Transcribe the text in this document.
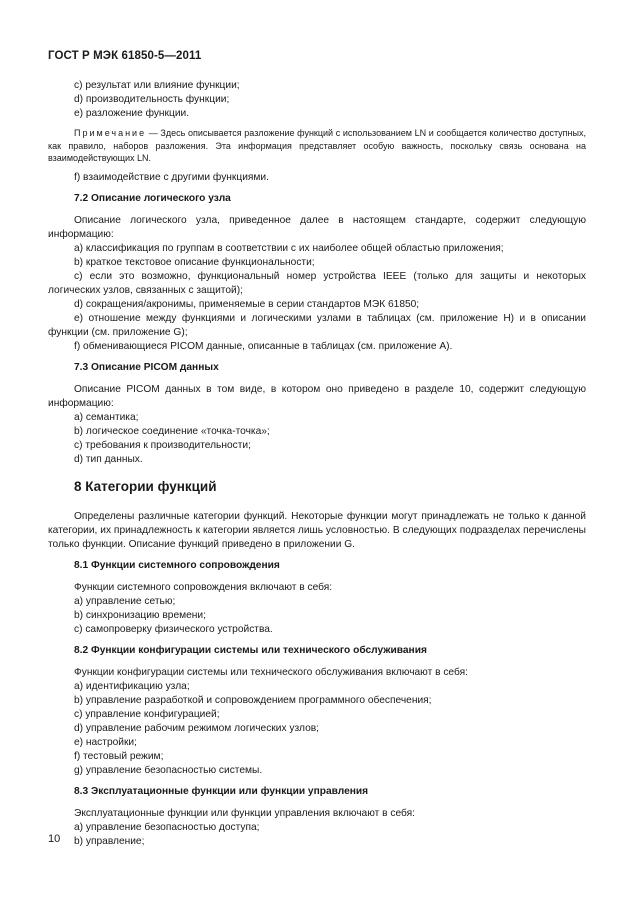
ГОСТ Р МЭК 61850-5—2011

c) результат или влияние функции;

d) производительность функции;

e) разложение функции.

Примечание — Здесь описывается разложение функций с использованием LN и сообщается количество доступных, как правило, наборов разложения. Эта информация представляет особую важность, поскольку связь основана на взаимодействующих LN.

f) взаимодействие с другими функциями.

7.2 Описание логического узла

Описание логического узла, приведенное далее в настоящем стандарте, содержит следующую информацию:

a) классификация по группам в соответствии с их наиболее общей областью приложения;

b) краткое текстовое описание функциональности;

c) если это возможно, функциональный номер устройства IEEE (только для защиты и некоторых логических узлов, связанных с защитой);

d) сокращения/акронимы, применяемые в серии стандартов МЭК 61850;

e) отношение между функциями и логическими узлами в таблицах (см. приложение H) и в описании функции (см. приложение G);

f) обменивающиеся PICOM данные, описанные в таблицах (см. приложение A).

7.3 Описание PICOM данных

Описание PICOM данных в том виде, в котором оно приведено в разделе 10, содержит следующую информацию:

a) семантика;

b) логическое соединение «точка-точка»;

c) требования к производительности;

d) тип данных.

8 Категории функций

Определены различные категории функций. Некоторые функции могут принадлежать не только к данной категории, их принадлежность к категории является лишь условностью. В следующих подразделах перечислены только функции. Описание функций приведено в приложении G.

8.1 Функции системного сопровождения

Функции системного сопровождения включают в себя:

a) управление сетью;

b) синхронизацию времени;

c) самопроверку физического устройства.

8.2 Функции конфигурации системы или технического обслуживания

Функции конфигурации системы или технического обслуживания включают в себя:

a) идентификацию узла;

b) управление разработкой и сопровождением программного обеспечения;

c) управление конфигурацией;

d) управление рабочим режимом логических узлов;

e) настройки;

f) тестовый режим;

g) управление безопасностью системы.

8.3 Эксплуатационные функции или функции управления

Эксплуатационные функции или функции управления включают в себя:

a) управление безопасностью доступа;

b) управление;

10
